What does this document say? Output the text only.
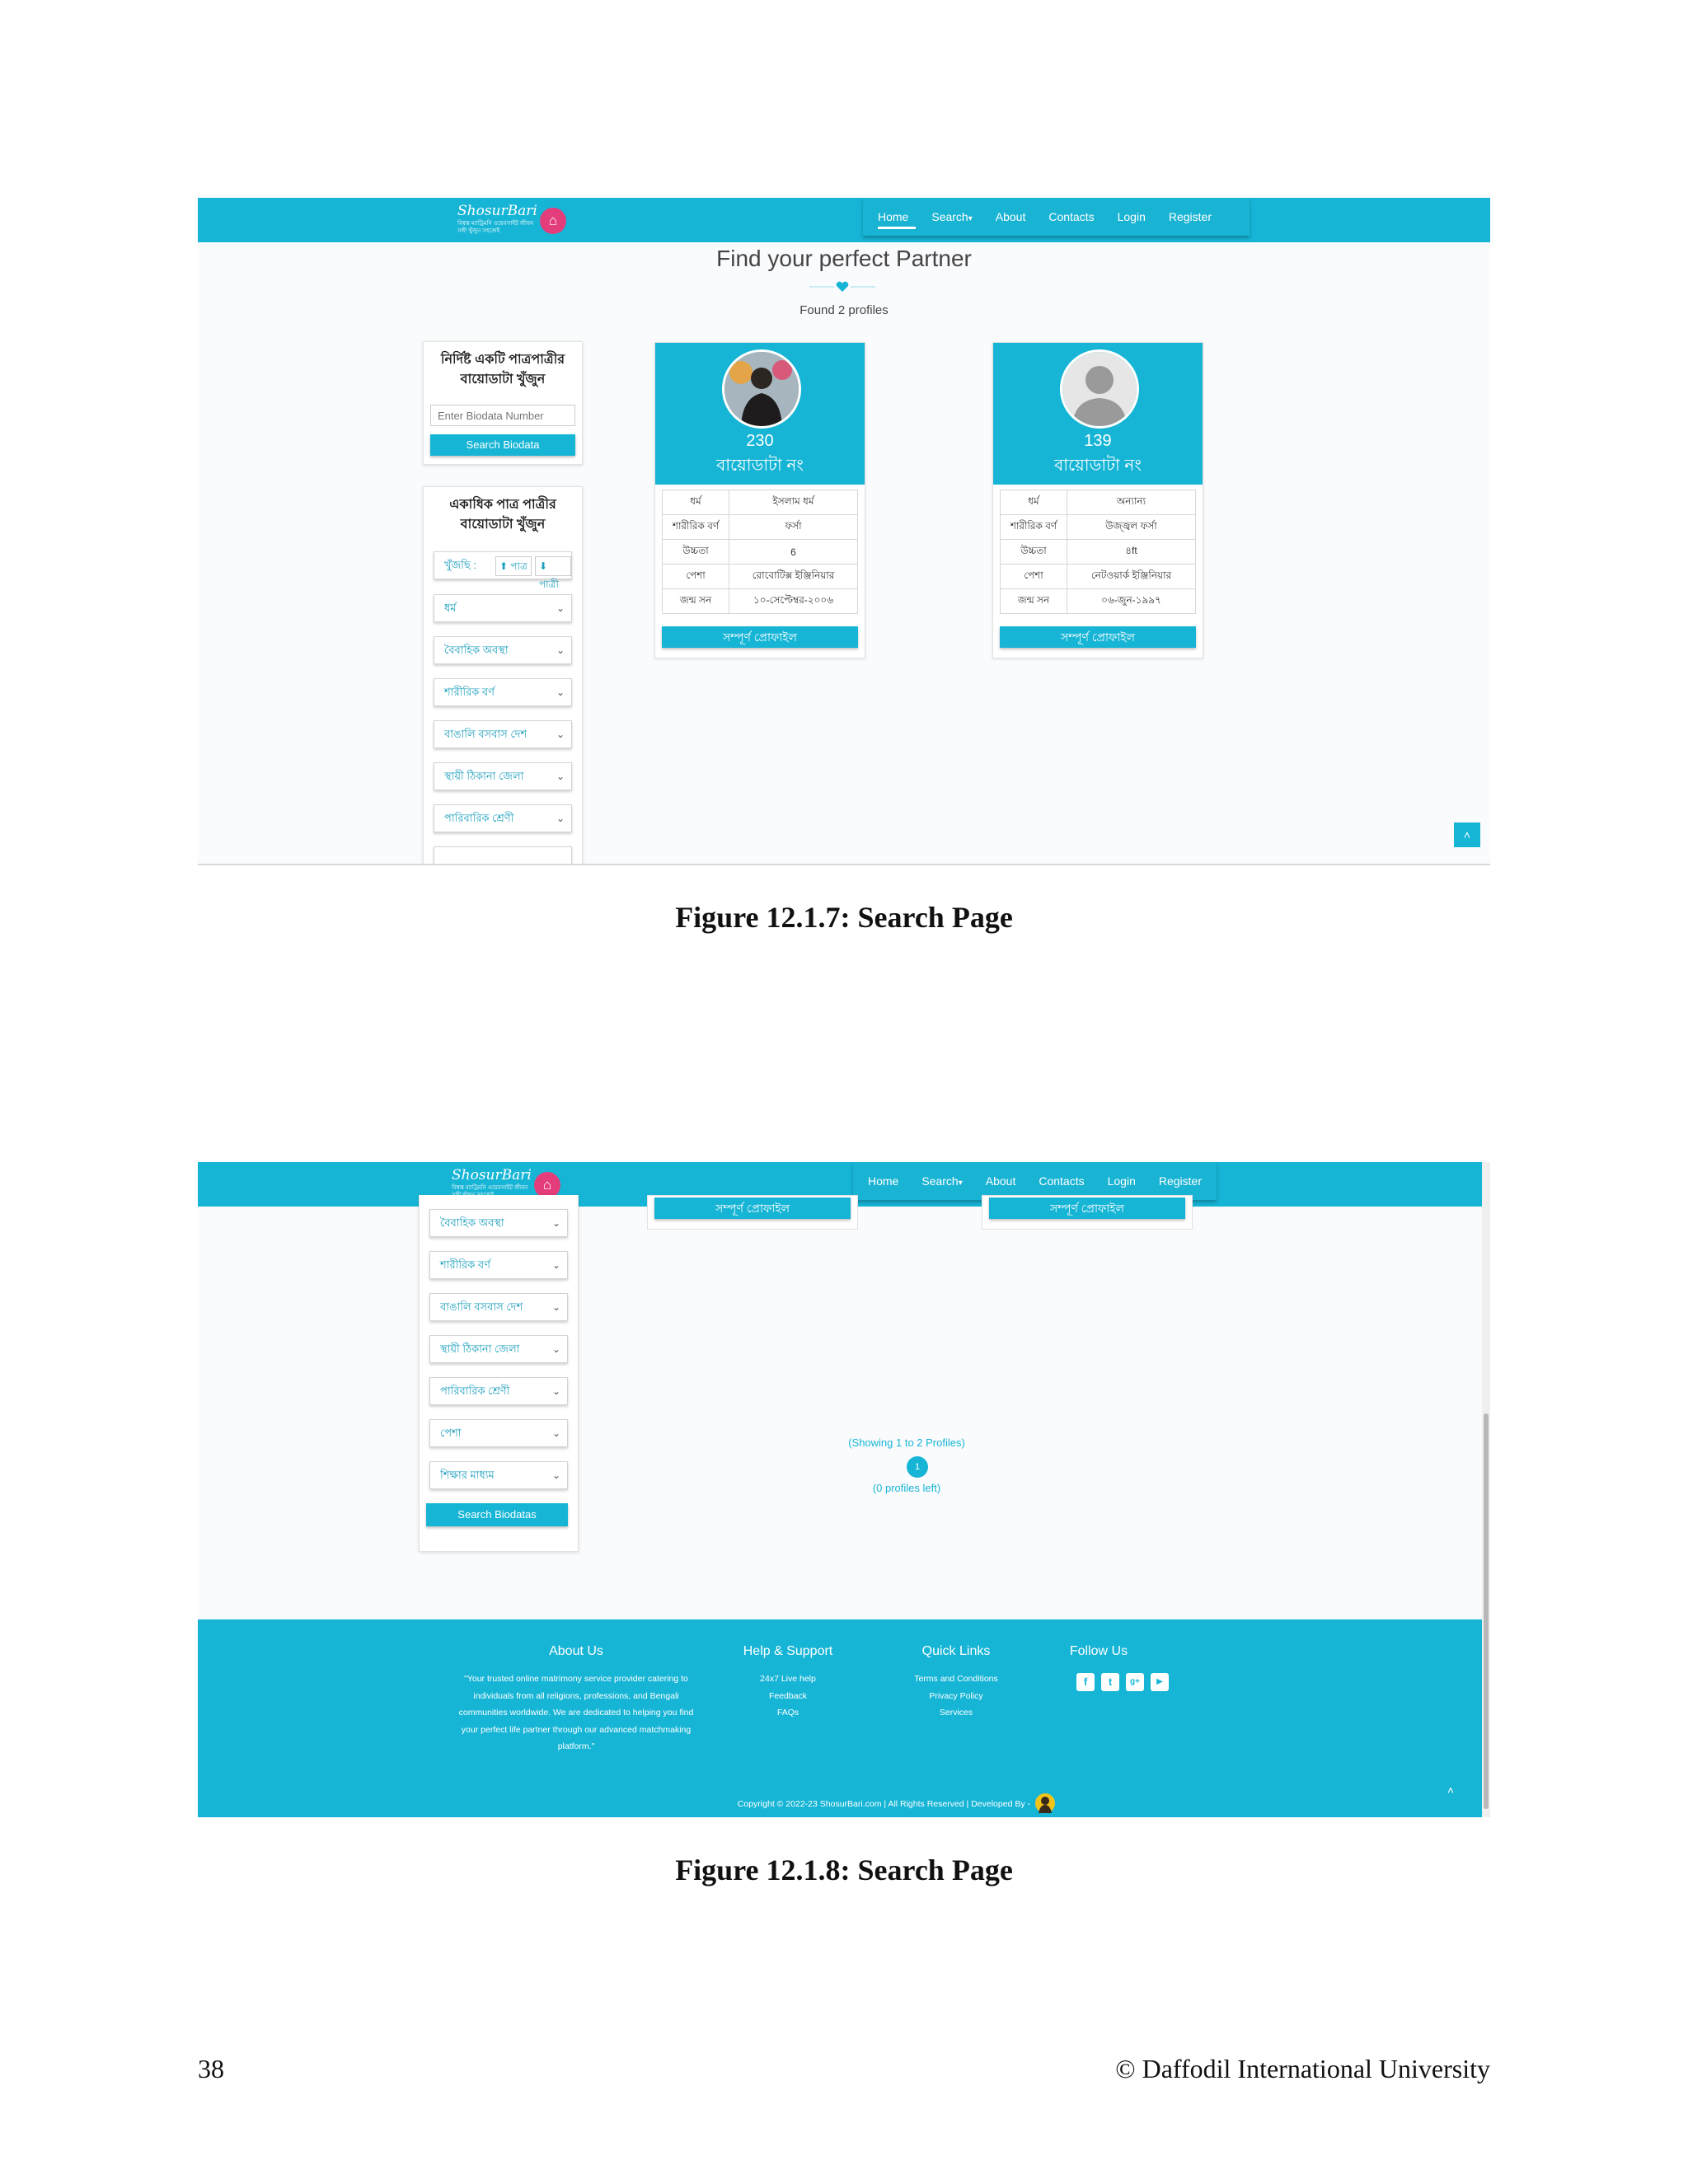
ShosurBari
বিশ্বস্ত ম্যাট্রিমনি ওয়েবসাইট জীবন সঙ্গী খুঁজুন সহজেই
⌂	Home Search▾ About Contacts Login Register
Find your perfect Partner
Found 2 profiles
নির্দিষ্ট একটি পাত্রপাত্রীর বায়োডাটা খুঁজুন
Enter Biodata Number
Search Biodata
একাধিক পাত্র পাত্রীর বায়োডাটা খুঁজুন
খুঁজছি :	⬆ পাত্র	⬇ পাত্রী
ধর্ম	⌄
বৈবাহিক অবস্থা	⌄
শারীরিক বর্ণ	⌄
বাঙালি বসবাস দেশ	⌄
স্থায়ী ঠিকানা জেলা	⌄
পারিবারিক শ্রেণী	⌄
230
বায়োডাটা নং
ধর্ম	ইসলাম ধর্ম
শারীরিক বর্ণ	ফর্সা
উচ্চতা	6
পেশা	রোবোটিক্স ইঞ্জিনিয়ার
জন্ম সন	১০-সেপ্টেম্বর-২০০৬
সম্পূর্ণ প্রোফাইল
139
বায়োডাটা নং
ধর্ম	অন্যান্য
শারীরিক বর্ণ	উজ্জ্বল ফর্সা
উচ্চতা	৪ft
পেশা	নেটওয়ার্ক ইঞ্জিনিয়ার
জন্ম সন	০৬-জুন-১৯৯৭
সম্পূর্ণ প্রোফাইল
˄
Figure 12.1.7: Search Page
ShosurBari
বিশ্বস্ত ম্যাট্রিমনি ওয়েবসাইট জীবন	⌂	Home Search▾ About Contacts Login Register
সম্পূর্ণ প্রোফাইল	সম্পূর্ণ প্রোফাইল
বৈবাহিক অবস্থা	⌄
শারীরিক বর্ণ	⌄
বাঙালি বসবাস দেশ	⌄
স্থায়ী ঠিকানা জেলা	⌄
পারিবারিক শ্রেণী	⌄
পেশা	⌄
শিক্ষার মাধ্যম	⌄
Search Biodatas
(Showing 1 to 2 Profiles)
1
(0 profiles left)
About Us
"Your trusted online matrimony service provider catering to individuals from all religions, professions, and Bengali communities worldwide. We are dedicated to helping you find your perfect life partner through our advanced matchmaking platform."
Help & Support
24x7 Live help
Feedback
FAQs
Quick Links
Terms and Conditions
Privacy Policy
Services
Follow Us
f	t	g+	▶
Copyright © 2022-23 ShosurBari.com | All Rights Reserved | Developed By -
˄
Figure 12.1.8: Search Page
38	© Daffodil International University
